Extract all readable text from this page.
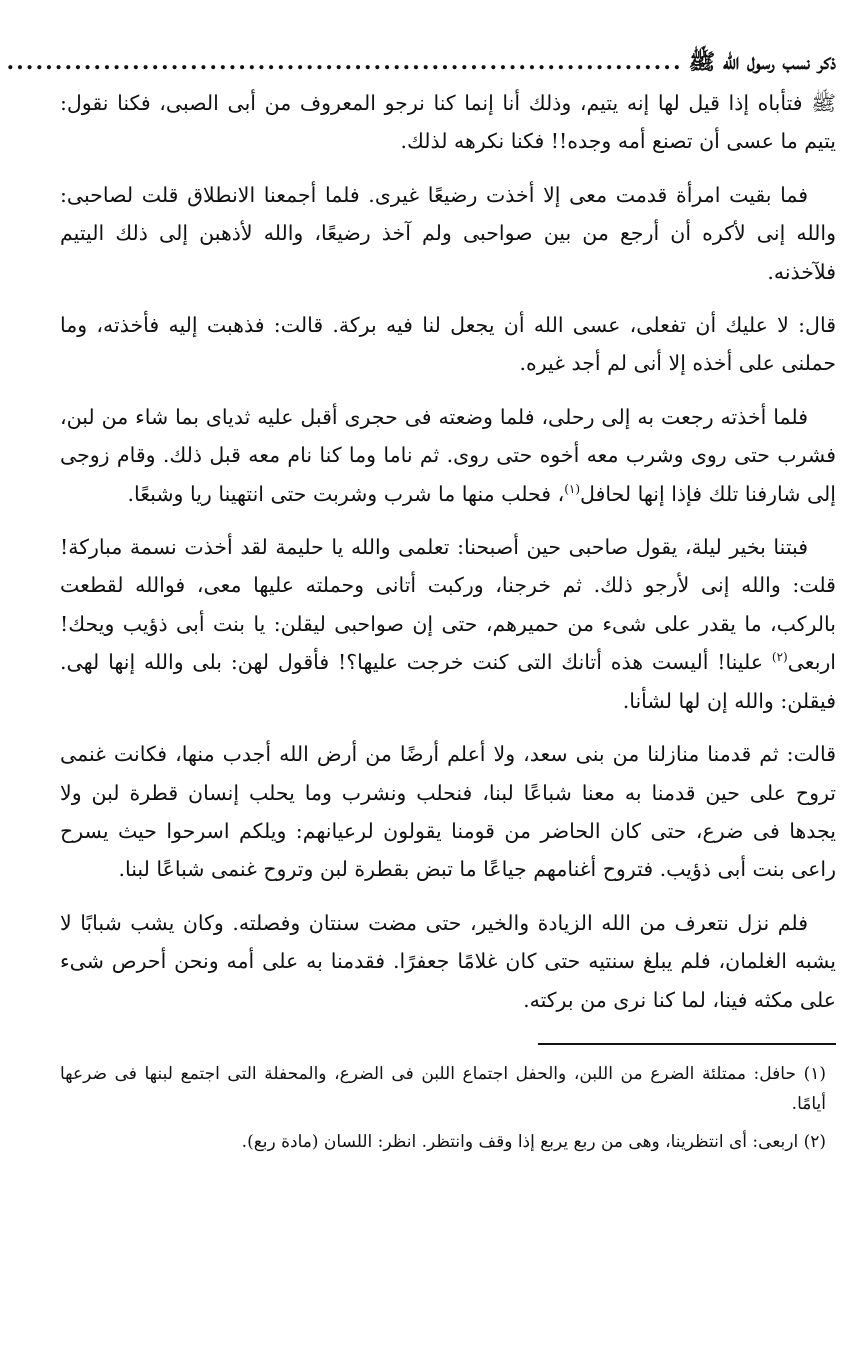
ذكر نسب رسول الله ﷺ
......................................................................

ﷺ فتأباه إذا قيل لها إنه يتيم، وذلك أنا إنما كنا نرجو المعروف من أبى الصبى، فكنا نقول: يتيم ما عسى أن تصنع أمه وجده!! فكنا نكرهه لذلك.

فما بقيت امرأة قدمت معى إلا أخذت رضيعًا غيرى. فلما أجمعنا الانطلاق قلت لصاحبى: والله إنى لأكره أن أرجع من بين صواحبى ولم آخذ رضيعًا، والله لأذهبن إلى ذلك اليتيم فلآخذنه.

قال: لا عليك أن تفعلى، عسى الله أن يجعل لنا فيه بركة. قالت: فذهبت إليه فأخذته، وما حملنى على أخذه إلا أنى لم أجد غيره.

فلما أخذته رجعت به إلى رحلى، فلما وضعته فى حجرى أقبل عليه ثدياى بما شاء من لبن، فشرب حتى روى وشرب معه أخوه حتى روى. ثم ناما وما كنا نام معه قبل ذلك. وقام زوجى إلى شارفنا تلك فإذا إنها لحافل$^{(١)}$، فحلب منها ما شرب وشربت حتى انتهينا ريا وشبعًا.

فبتنا بخير ليلة، يقول صاحبى حين أصبحنا: تعلمى والله يا حليمة لقد أخذت نسمة مباركة! قلت: والله إنى لأرجو ذلك. ثم خرجنا، وركبت أتانى وحملته عليها معى، فوالله لقطعت بالركب، ما يقدر على شىء من حميرهم، حتى إن صواحبى ليقلن: يا بنت أبى ذؤيب ويحك! اربعى$^{(٢)}$ علينا! أليست هذه أتانك التى كنت خرجت عليها؟! فأقول لهن: بلى والله إنها لهى. فيقلن: والله إن لها لشأنا.

قالت: ثم قدمنا منازلنا من بنى سعد، ولا أعلم أرضًا من أرض الله أجدب منها، فكانت غنمى تروح على حين قدمنا به معنا شباعًا لبنا، فنحلب ونشرب وما يحلب إنسان قطرة لبن ولا يجدها فى ضرع، حتى كان الحاضر من قومنا يقولون لرعيانهم: ويلكم اسرحوا حيث يسرح راعى بنت أبى ذؤيب. فتروح أغنامهم جياعًا ما تبض بقطرة لبن وتروح غنمى شباعًا لبنا.

فلم نزل نتعرف من الله الزيادة والخير، حتى مضت سنتان وفصلته. وكان يشب شبابًا لا يشبه الغلمان، فلم يبلغ سنتيه حتى كان غلامًا جعفرًا. فقدمنا به على أمه ونحن أحرص شىء على مكثه فينا، لما كنا نرى من بركته.

(١) حافل: ممتلئة الضرع من اللبن، والحفل اجتماع اللبن فى الضرع، والمحفلة التى اجتمع لبنها فى ضرعها أيامًا.

(٢) اربعى: أى انتظرينا، وهى من ربع يربع إذا وقف وانتظر. انظر: اللسان (مادة ربع).
